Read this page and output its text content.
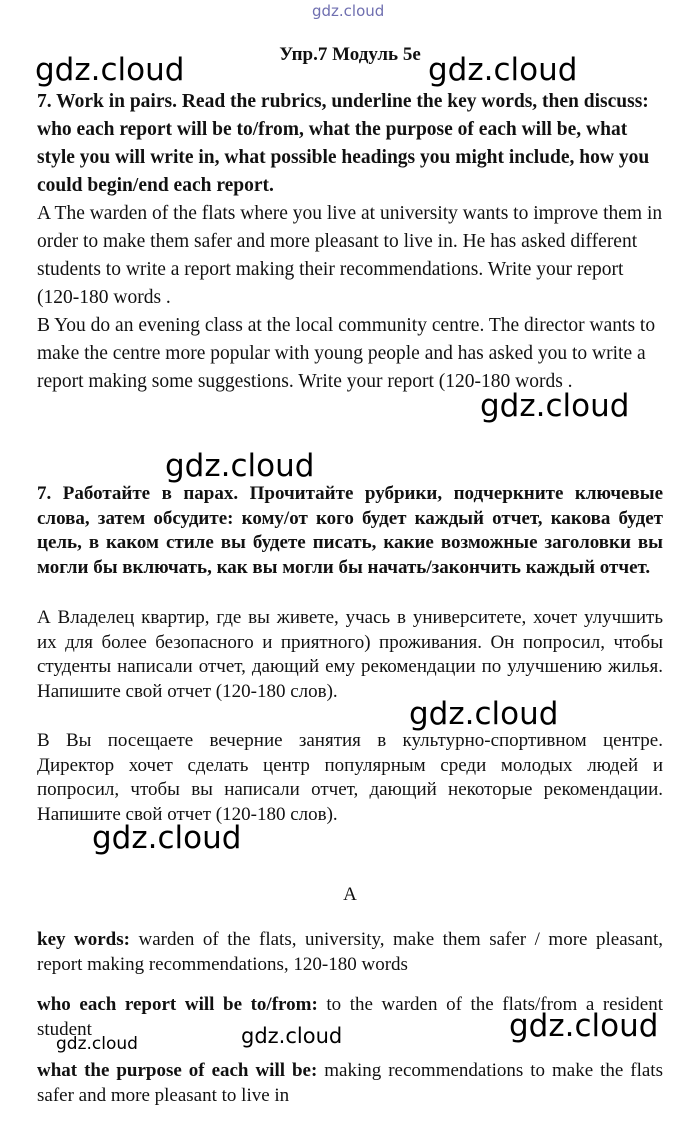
gdz.cloud
Упр.7 Модуль 5e
7. Work in pairs. Read the rubrics, underline the key words, then discuss: who each report will be to/from, what the purpose of each will be, what style you will write in, what possible headings you might include, how you could begin/end each report.
A The warden of the flats where you live at university wants to improve them in order to make them safer and more pleasant to live in. He has asked different students to write a report making their recommendations. Write your report (120-180 words .
B You do an evening class at the local community centre. The director wants to make the centre more popular with young people and has asked you to write a report making some suggestions. Write your report (120-180 words .
7. Работайте в парах. Прочитайте рубрики, подчеркните ключевые слова, затем обсудите: кому/от кого будет каждый отчет, какова будет цель, в каком стиле вы будете писать, какие возможные заголовки вы могли бы включать, как вы могли бы начать/закончить каждый отчет.
А Владелец квартир, где вы живете, учась в университете, хочет улучшить их для более безопасного и приятного) проживания. Он попросил, чтобы студенты написали отчет, дающий ему рекомендации по улучшению жилья. Напишите свой отчет (120-180 слов).
В Вы посещаете вечерние занятия в культурно-спортивном центре. Директор хочет сделать центр популярным среди молодых людей и попросил, чтобы вы написали отчет, дающий некоторые рекомендации. Напишите свой отчет (120-180 слов).
A
key words: warden of the flats, university, make them safer / more pleasant, report making recommendations, 120-180 words
who each report will be to/from: to the warden of the flats/from a resident student
what the purpose of each will be: making recommendations to make the flats safer and more pleasant to live in
gdz.cloud	gdz.cloud
gdz.cloud
gdz.cloud
gdz.cloud
gdz.cloud
gdz.cloud
gdz.cloud
gdz.cloud
